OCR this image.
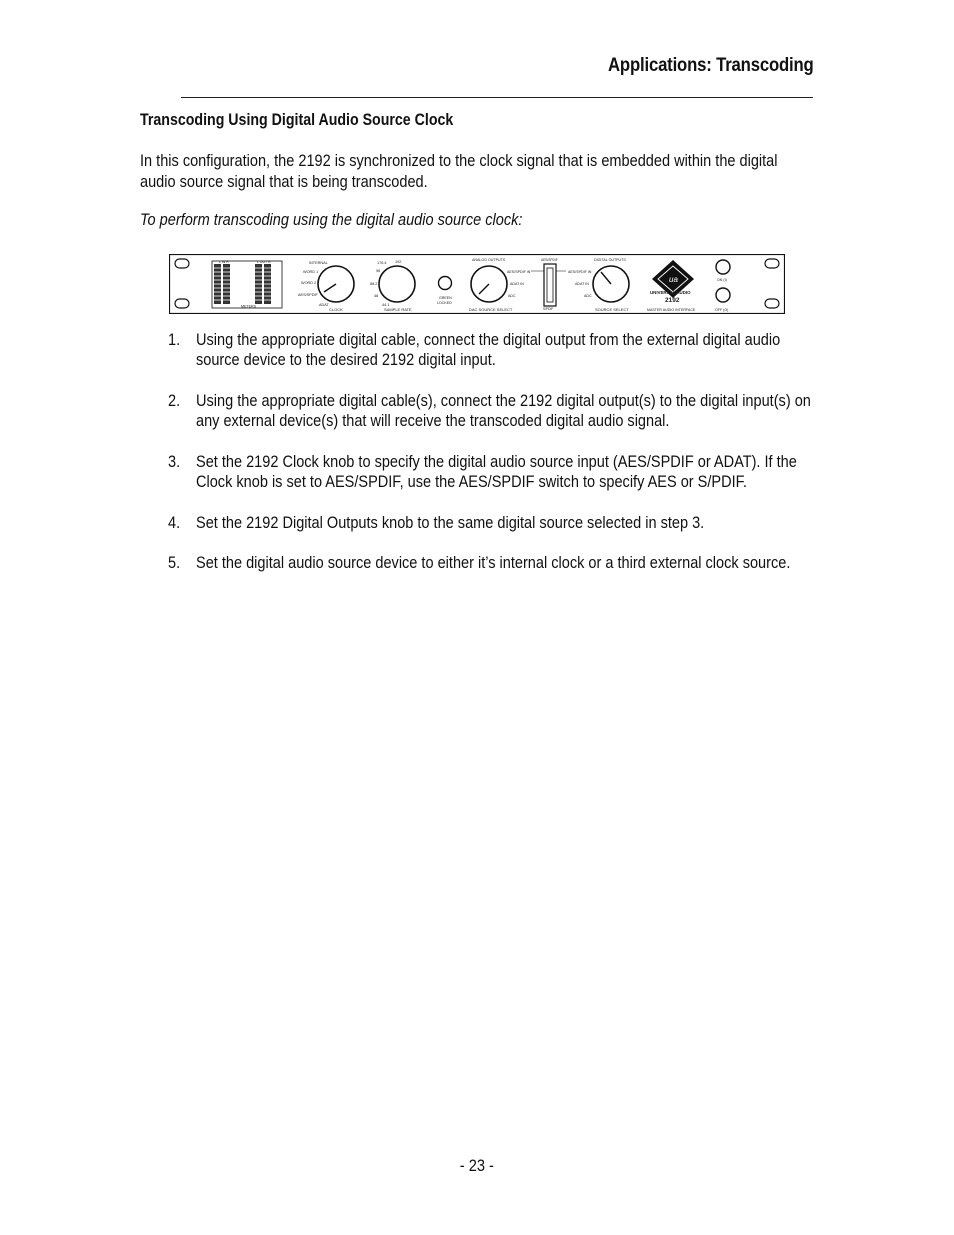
Applications: Transcoding
Transcoding Using Digital Audio Source Clock
In this configuration, the 2192 is synchronized to the clock signal that is embedded within the digital audio source signal that is being transcoded.
To perform transcoding using the digital audio source clock:
L IN R	L OUT R
METERS
INTERNAL
WORD 1
WORD 2
AES/SPDIF
ADAT
CLOCK
176.4 192
96
88.2
48
44.1
SAMPLE RATE
GREEN
LOCKED
ANALOG OUTPUTS
AES/SPDIF IN
ADAT IN
ADC
DAC SOURCE SELECT
AES/SPDIF
S/PDIF
DIGITAL OUTPUTS
AES/SPDIF IN
ADAT IN
ADC
SOURCE SELECT
ua
UNIVERSAL AUDIO
2192
MASTER AUDIO INTERFACE
ON (I)
OFF (O)
1. Using the appropriate digital cable, connect the digital output from the external digital audio source device to the desired 2192 digital input.
2. Using the appropriate digital cable(s), connect the 2192 digital output(s) to the digital input(s) on any external device(s) that will receive the transcoded digital audio signal.
3. Set the 2192 Clock knob to specify the digital audio source input (AES/SPDIF or ADAT). If the Clock knob is set to AES/SPDIF, use the AES/SPDIF switch to specify AES or S/PDIF.
4. Set the 2192 Digital Outputs knob to the same digital source selected in step 3.
5. Set the digital audio source device to either it’s internal clock or a third external clock source.
- 23 -
